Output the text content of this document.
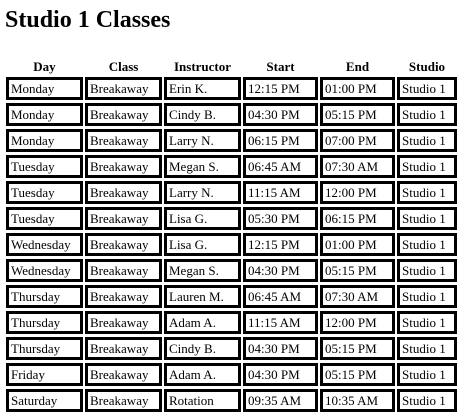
Studio 1 Classes
Day	Class	Instructor	Start	End	Studio
Monday	Breakaway	Erin K.	12:15 PM	01:00 PM	Studio 1
Monday	Breakaway	Cindy B.	04:30 PM	05:15 PM	Studio 1
Monday	Breakaway	Larry N.	06:15 PM	07:00 PM	Studio 1
Tuesday	Breakaway	Megan S.	06:45 AM	07:30 AM	Studio 1
Tuesday	Breakaway	Larry N.	11:15 AM	12:00 PM	Studio 1
Tuesday	Breakaway	Lisa G.	05:30 PM	06:15 PM	Studio 1
Wednesday	Breakaway	Lisa G.	12:15 PM	01:00 PM	Studio 1
Wednesday	Breakaway	Megan S.	04:30 PM	05:15 PM	Studio 1
Thursday	Breakaway	Lauren M.	06:45 AM	07:30 AM	Studio 1
Thursday	Breakaway	Adam A.	11:15 AM	12:00 PM	Studio 1
Thursday	Breakaway	Cindy B.	04:30 PM	05:15 PM	Studio 1
Friday	Breakaway	Adam A.	04:30 PM	05:15 PM	Studio 1
Saturday	Breakaway	Rotation	09:35 AM	10:35 AM	Studio 1
